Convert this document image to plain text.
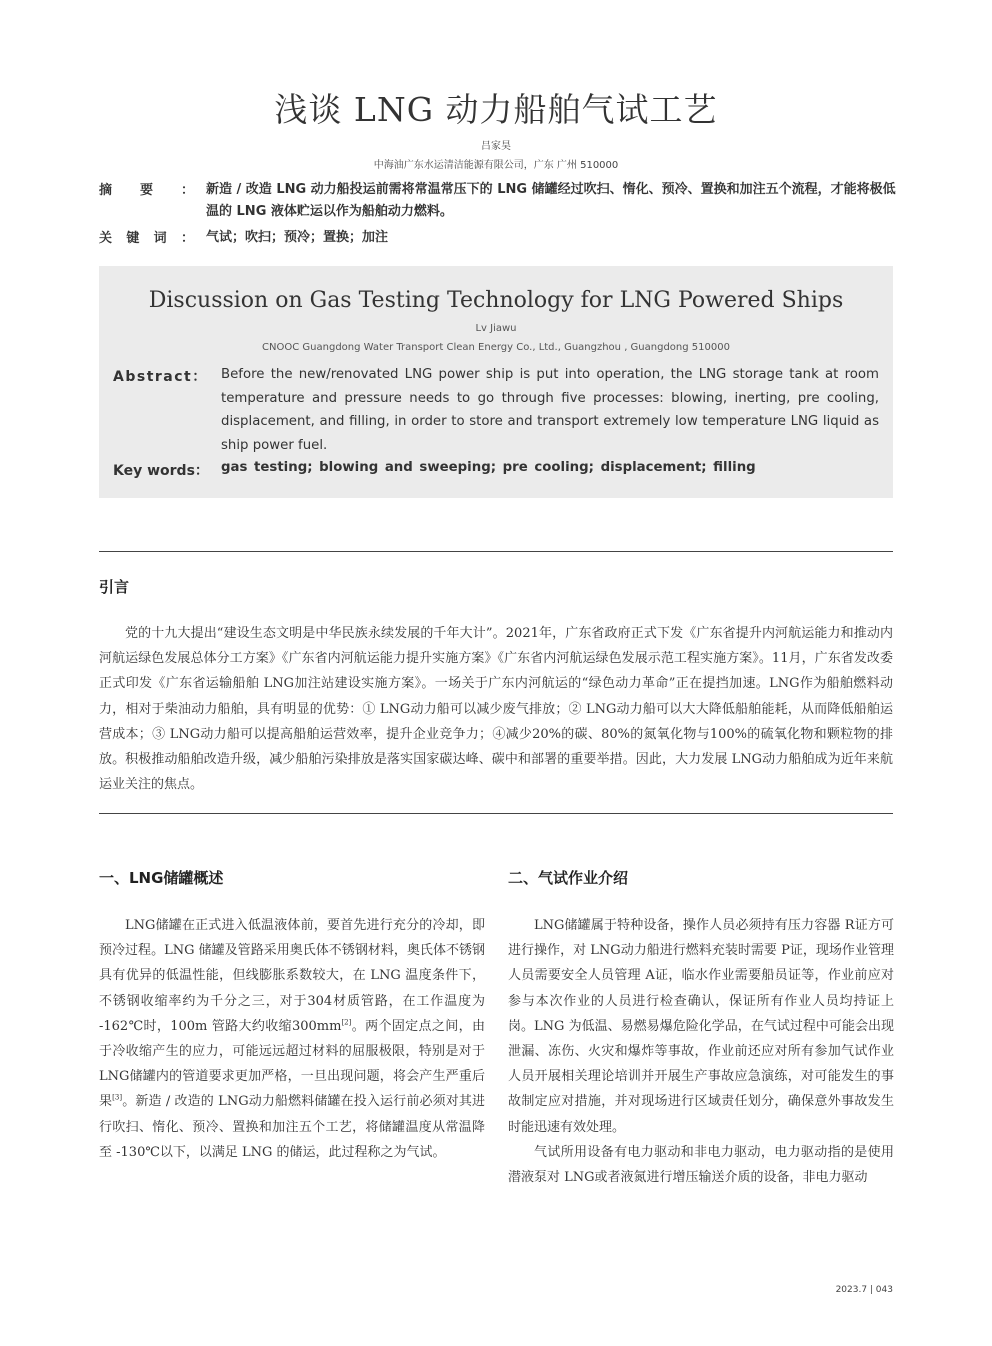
浅谈 LNG 动力船舶气试工艺
吕家昊
中海油广东水运清洁能源有限公司，广东 广州 510000
摘 要 ： 新造 / 改造 LNG 动力船投运前需将常温常压下的 LNG 储罐经过吹扫、惰化、预冷、置换和加注五个流程，才能将极低温的 LNG 液体贮运以作为船舶动力燃料。
关 键 词 ： 气试；吹扫；预冷；置换；加注
Discussion on Gas Testing Technology for LNG Powered Ships
Lv Jiawu
CNOOC Guangdong Water Transport Clean Energy Co., Ltd., Guangzhou , Guangdong 510000
Abstract： Before the new/renovated LNG power ship is put into operation, the LNG storage tank at room temperature and pressure needs to go through five processes: blowing, inerting, pre cooling, displacement, and filling, in order to store and transport extremely low temperature LNG liquid as ship power fuel.
Key words： gas testing; blowing and sweeping; pre cooling; displacement; filling
引言
党的十九大提出“建设生态文明是中华民族永续发展的千年大计”。2021年，广东省政府正式下发《广东省提升内河航运能力和推动内河航运绿色发展总体分工方案》《广东省内河航运能力提升实施方案》《广东省内河航运绿色发展示范工程实施方案》。11月，广东省发改委正式印发《广东省运输船舶 LNG加注站建设实施方案》。一场关于广东内河航运的“绿色动力革命”正在提挡加速。LNG作为船舶燃料动力，相对于柴油动力船舶，具有明显的优势：① LNG动力船可以减少废气排放；② LNG动力船可以大大降低船舶能耗，从而降低船舶运营成本；③ LNG动力船可以提高船舶运营效率，提升企业竞争力；④减少20%的碳、80%的氮氧化物与100%的硫氧化物和颗粒物的排放。积极推动船舶改造升级，减少船舶污染排放是落实国家碳达峰、碳中和部署的重要举措。因此，大力发展 LNG动力船舶成为近年来航运业关注的焦点。
一、LNG储罐概述
LNG储罐在正式进入低温液体前，要首先进行充分的冷却，即预冷过程。LNG 储罐及管路采用奥氏体不锈钢材料，奥氏体不锈钢具有优异的低温性能，但线膨胀系数较大，在 LNG 温度条件下，不锈钢收缩率约为千分之三，对于304材质管路，在工作温度为 -162℃时，100m 管路大约收缩300mm[2]。两个固定点之间，由于冷收缩产生的应力，可能远远超过材料的屈服极限，特别是对于 LNG储罐内的管道要求更加严格，一旦出现问题，将会产生严重后果[3]。新造 / 改造的 LNG动力船燃料储罐在投入运行前必须对其进行吹扫、惰化、预冷、置换和加注五个工艺，将储罐温度从常温降至 -130℃以下，以满足 LNG 的储运，此过程称之为气试。
二、气试作业介绍

LNG储罐属于特种设备，操作人员必须持有压力容器 R证方可进行操作，对 LNG动力船进行燃料充装时需要 P证，现场作业管理人员需要安全人员管理 A证，临水作业需要船员证等，作业前应对参与本次作业的人员进行检查确认，保证所有作业人员均持证上岗。LNG 为低温、易燃易爆危险化学品，在气试过程中可能会出现泄漏、冻伤、火灾和爆炸等事故，作业前还应对所有参加气试作业人员开展相关理论培训并开展生产事故应急演练，对可能发生的事故制定应对措施，并对现场进行区域责任划分，确保意外事故发生时能迅速有效处理。

气试所用设备有电力驱动和非电力驱动，电力驱动指的是使用潜液泵对 LNG或者液氮进行增压输送介质的设备，非电力驱动

2023.7 | 043
